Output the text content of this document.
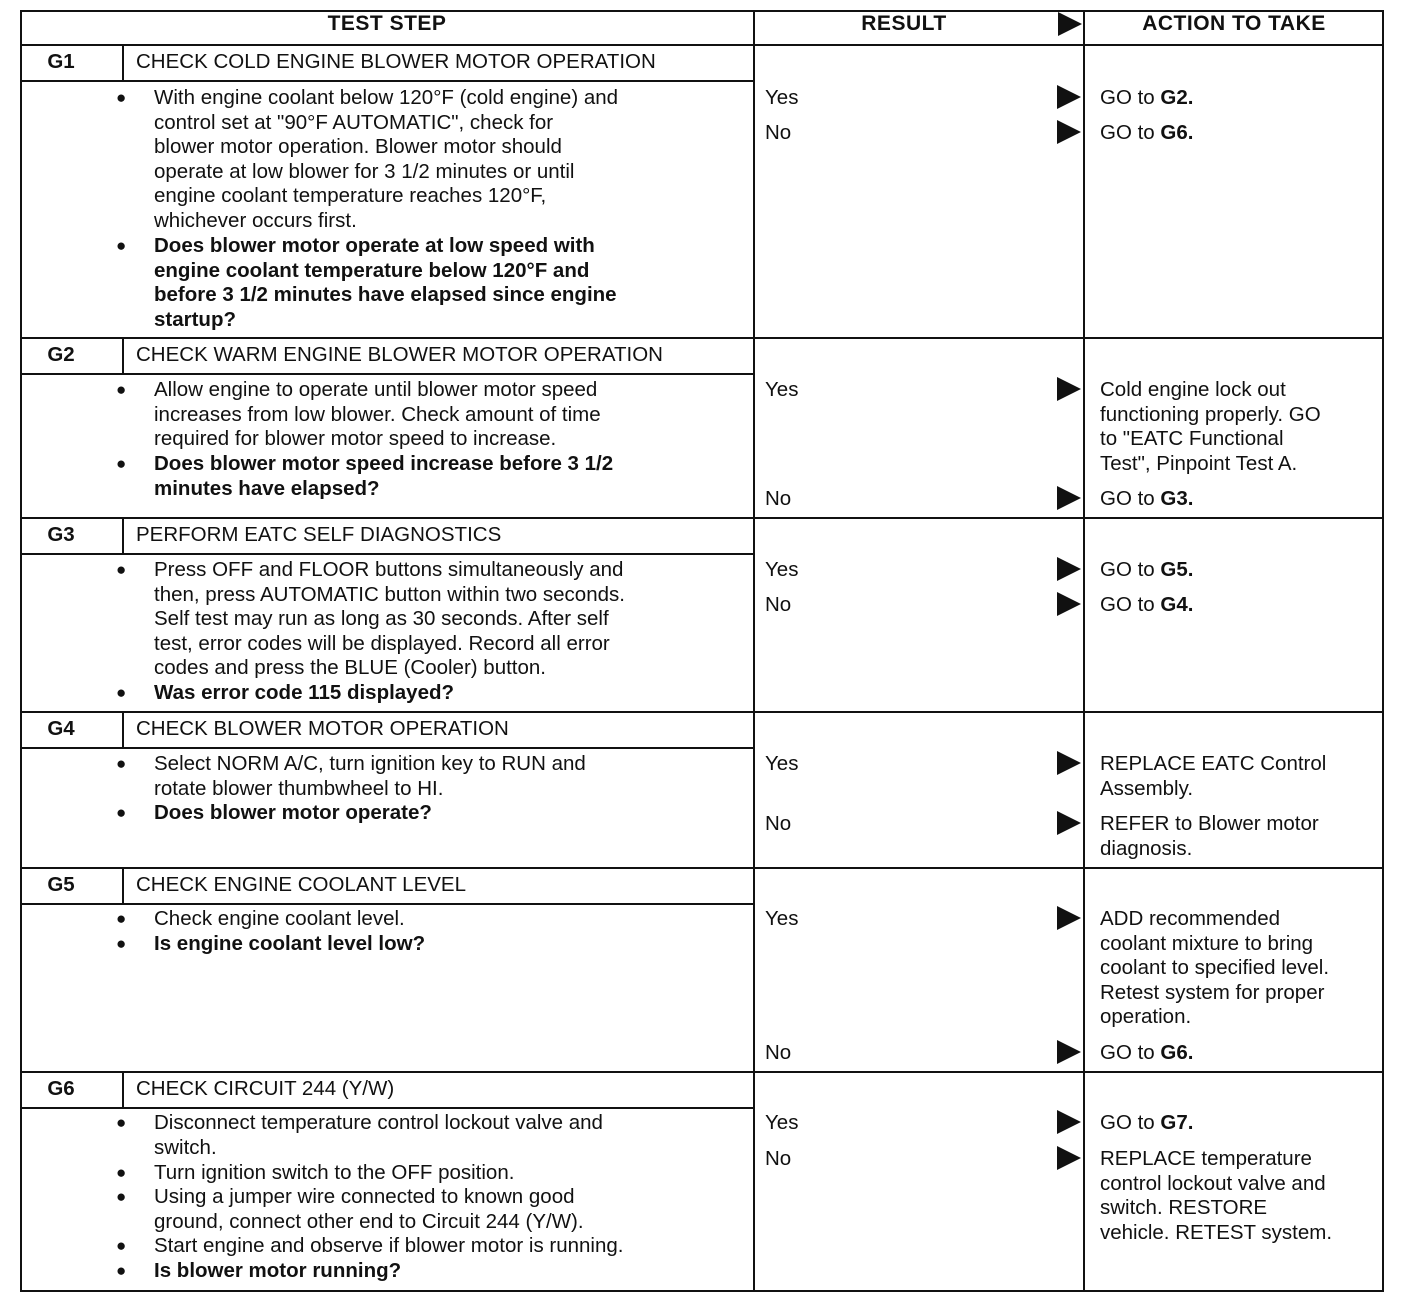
TEST STEP	RESULT	ACTION TO TAKE
G1	CHECK COLD ENGINE BLOWER MOTOR OPERATION
● With engine coolant below 120°F (cold engine) and
control set at "90°F AUTOMATIC", check for
blower motor operation. Blower motor should
operate at low blower for 3 1/2 minutes or until
engine coolant temperature reaches 120°F,
whichever occurs first.
● Does blower motor operate at low speed with
engine coolant temperature below 120°F and
before 3 1/2 minutes have elapsed since engine
startup?
Yes	GO to G2.
No	GO to G6.
G2	CHECK WARM ENGINE BLOWER MOTOR OPERATION
● Allow engine to operate until blower motor speed
increases from low blower. Check amount of time
required for blower motor speed to increase.
● Does blower motor speed increase before 3 1/2
minutes have elapsed?
Yes	Cold engine lock out
functioning properly. GO
to "EATC Functional
Test", Pinpoint Test A.
No	GO to G3.
G3	PERFORM EATC SELF DIAGNOSTICS
● Press OFF and FLOOR buttons simultaneously and
then, press AUTOMATIC button within two seconds.
Self test may run as long as 30 seconds. After self
test, error codes will be displayed. Record all error
codes and press the BLUE (Cooler) button.
● Was error code 115 displayed?
Yes	GO to G5.
No	GO to G4.
G4	CHECK BLOWER MOTOR OPERATION
● Select NORM A/C, turn ignition key to RUN and
rotate blower thumbwheel to HI.
● Does blower motor operate?
Yes	REPLACE EATC Control
Assembly.
No	REFER to Blower motor
diagnosis.
G5	CHECK ENGINE COOLANT LEVEL
● Check engine coolant level.
● Is engine coolant level low?
Yes	ADD recommended
coolant mixture to bring
coolant to specified level.
Retest system for proper
operation.
No	GO to G6.
G6	CHECK CIRCUIT 244 (Y/W)
● Disconnect temperature control lockout valve and
switch.
● Turn ignition switch to the OFF position.
● Using a jumper wire connected to known good
ground, connect other end to Circuit 244 (Y/W).
● Start engine and observe if blower motor is running.
● Is blower motor running?
Yes	GO to G7.
No	REPLACE temperature
control lockout valve and
switch. RESTORE
vehicle. RETEST system.
